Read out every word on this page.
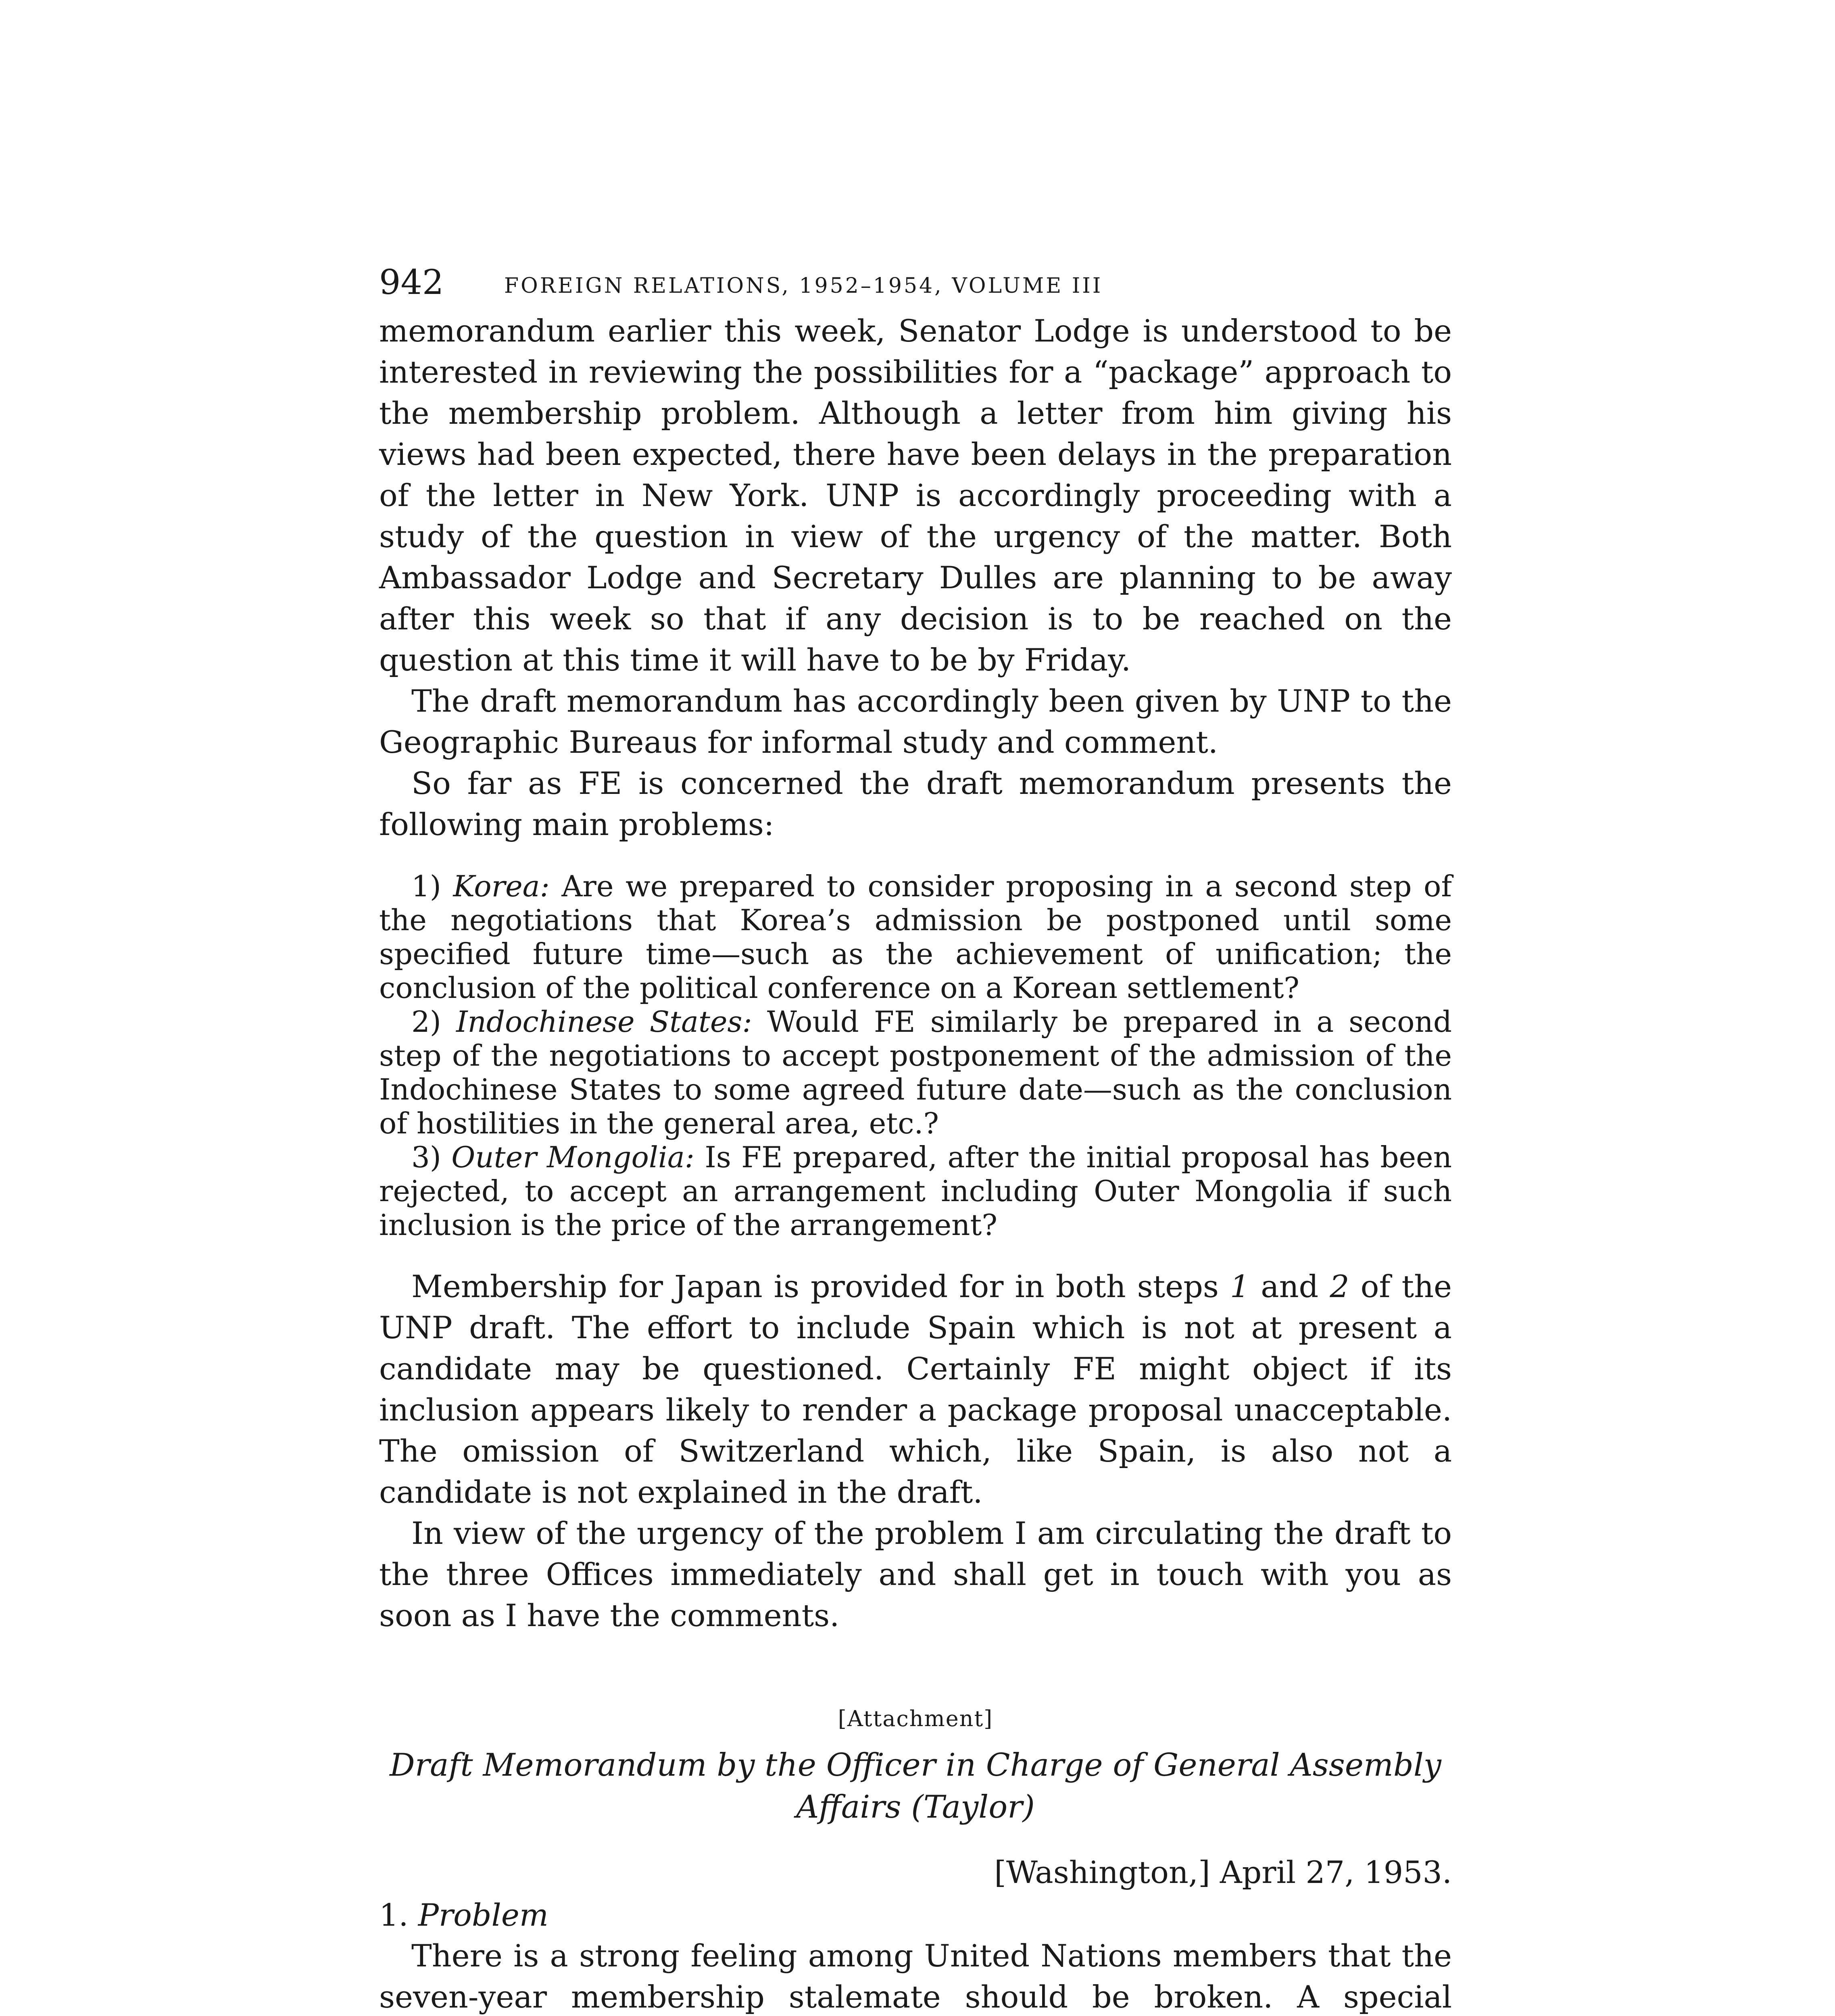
942	FOREIGN RELATIONS, 1952–1954, VOLUME III

memorandum earlier this week, Senator Lodge is understood to be interested in reviewing the possibilities for a “package” approach to the membership problem. Although a letter from him giving his views had been expected, there have been delays in the preparation of the letter in New York. UNP is accordingly proceeding with a study of the question in view of the urgency of the matter. Both Ambassador Lodge and Secretary Dulles are planning to be away after this week so that if any decision is to be reached on the question at this time it will have to be by Friday.

The draft memorandum has accordingly been given by UNP to the Geographic Bureaus for informal study and comment.

So far as FE is concerned the draft memorandum presents the following main problems:

1) Korea: Are we prepared to consider proposing in a second step of the negotiations that Korea’s admission be postponed until some specified future time—such as the achievement of unification; the conclusion of the political conference on a Korean settlement?

2) Indochinese States: Would FE similarly be prepared in a second step of the negotiations to accept postponement of the admission of the Indochinese States to some agreed future date—such as the conclusion of hostilities in the general area, etc.?

3) Outer Mongolia: Is FE prepared, after the initial proposal has been rejected, to accept an arrangement including Outer Mongolia if such inclusion is the price of the arrangement?

Membership for Japan is provided for in both steps 1 and 2 of the UNP draft. The effort to include Spain which is not at present a candidate may be questioned. Certainly FE might object if its inclusion appears likely to render a package proposal unacceptable. The omission of Switzerland which, like Spain, is also not a candidate is not explained in the draft.

In view of the urgency of the problem I am circulating the draft to the three Offices immediately and shall get in touch with you as soon as I have the comments.

[Attachment]
Draft Memorandum by the Officer in Charge of General Assembly Affairs (Taylor)
[Washington,] April 27, 1953.
1. Problem

There is a strong feeling among United Nations members that the seven-year membership stalemate should be broken. A special
